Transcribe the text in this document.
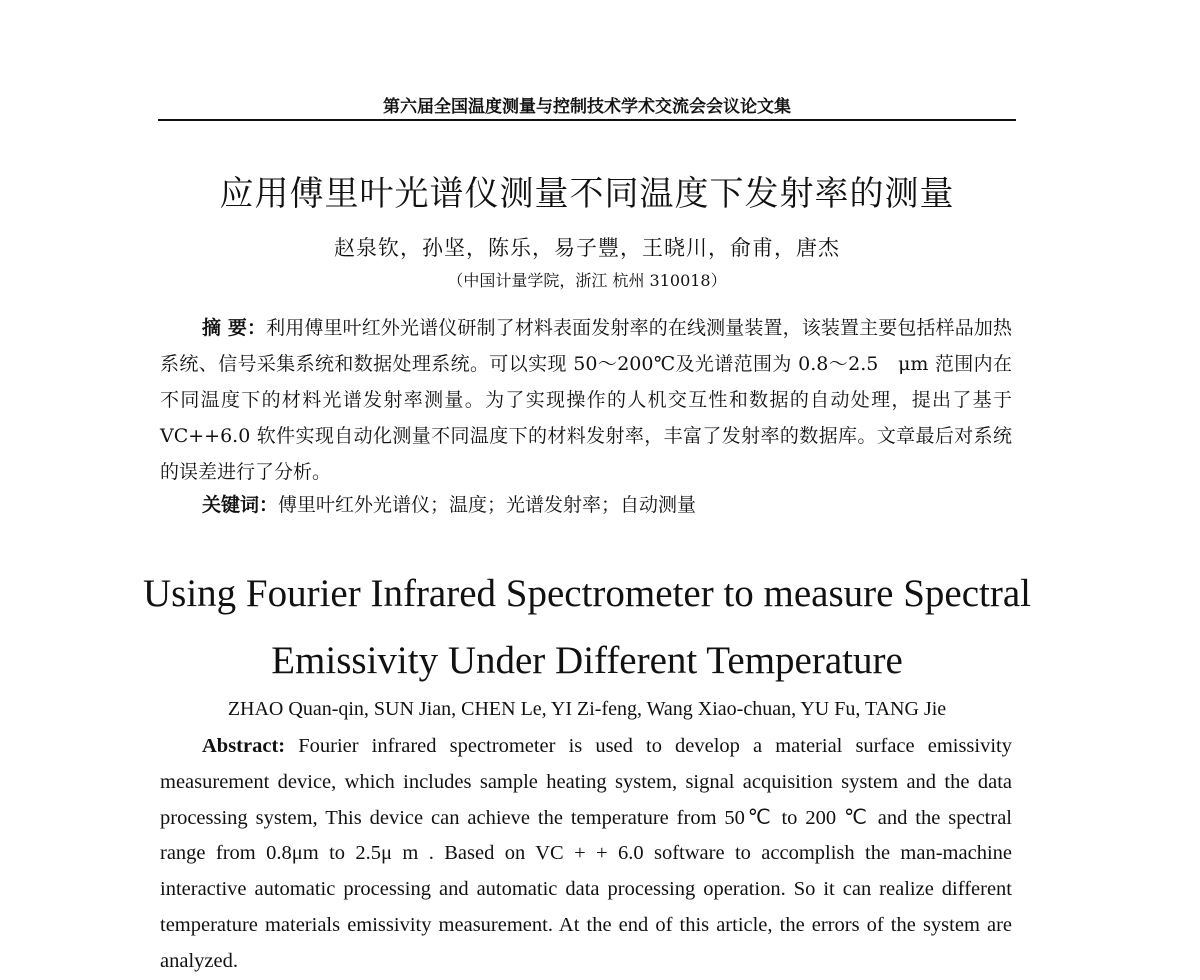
第六届全国温度测量与控制技术学术交流会会议论文集
应用傅里叶光谱仪测量不同温度下发射率的测量
赵泉钦，孙坚，陈乐，易子豐，王晓川，俞甫，唐杰
（中国计量学院，浙江 杭州 310018）

摘 要：利用傅里叶红外光谱仪研制了材料表面发射率的在线测量装置，该装置主要包括样品加热系统、信号采集系统和数据处理系统。可以实现 50～200℃及光谱范围为 0.8～2.5　μm 范围内在不同温度下的材料光谱发射率测量。为了实现操作的人机交互性和数据的自动处理，提出了基于 VC++6.0 软件实现自动化测量不同温度下的材料发射率，丰富了发射率的数据库。文章最后对系统的误差进行了分析。

关键词：傅里叶红外光谱仪；温度；光谱发射率；自动测量

Using Fourier Infrared Spectrometer to measure Spectral
Emissivity Under Different Temperature

ZHAO Quan-qin, SUN Jian, CHEN Le, YI Zi-feng, Wang Xiao-chuan, YU Fu, TANG Jie

Abstract: Fourier infrared spectrometer is used to develop a material surface emissivity measurement device, which includes sample heating system, signal acquisition system and the data processing system, This device can achieve the temperature from 50℃ to 200 ℃ and the spectral range from 0.8μm to 2.5μ m . Based on VC + + 6.0 software to accomplish the man-machine interactive automatic processing and automatic data processing operation. So it can realize different temperature materials emissivity measurement. At the end of this article, the errors of the system are analyzed.
